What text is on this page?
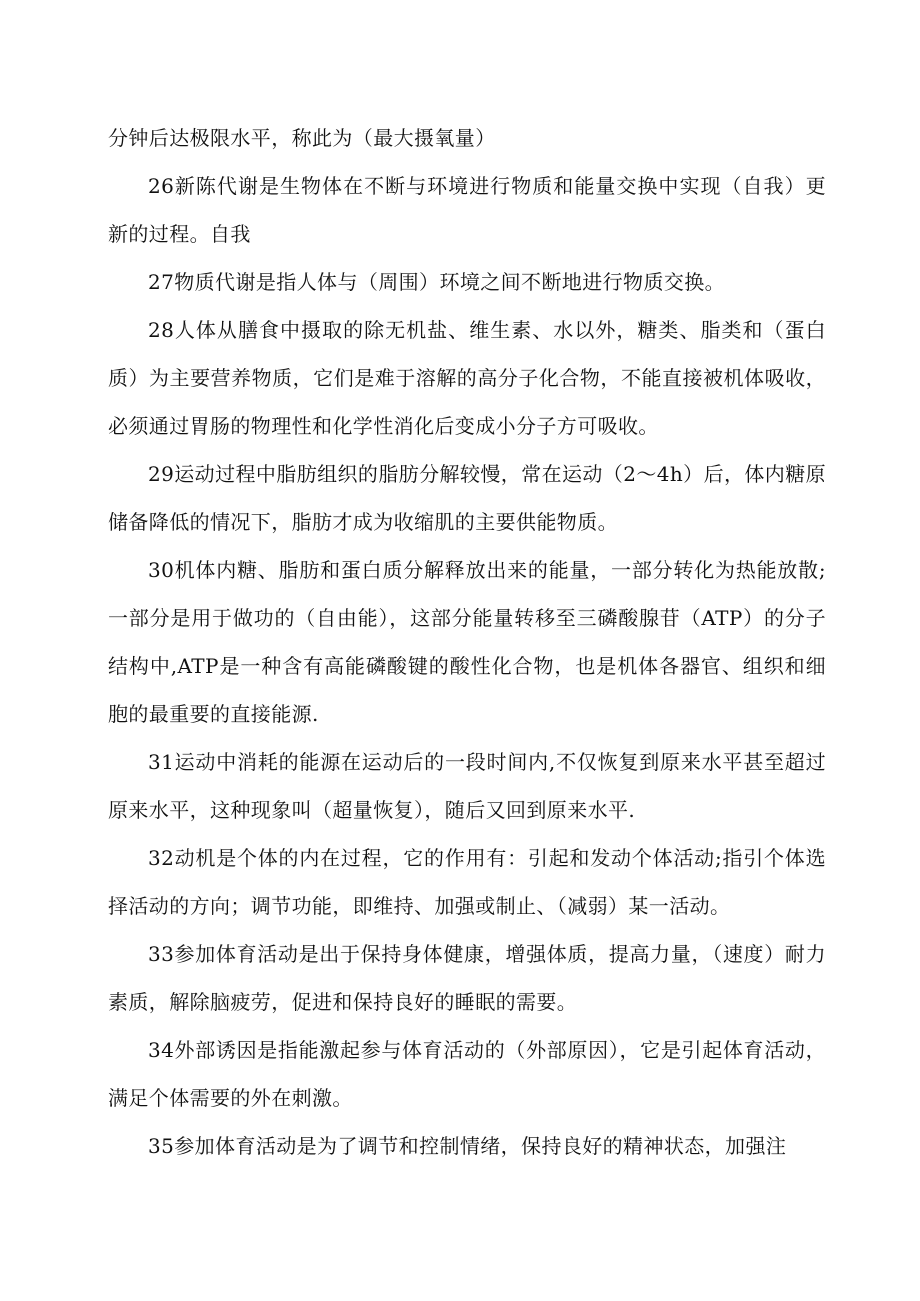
分钟后达极限水平，称此为（最大摄氧量）

26新陈代谢是生物体在不断与环境进行物质和能量交换中实现（自我）更新的过程。自我

27物质代谢是指人体与（周围）环境之间不断地进行物质交换。

28人体从膳食中摄取的除无机盐、维生素、水以外，糖类、脂类和（蛋白质）为主要营养物质，它们是难于溶解的高分子化合物，不能直接被机体吸收，必须通过胃肠的物理性和化学性消化后变成小分子方可吸收。

29运动过程中脂肪组织的脂肪分解较慢，常在运动（2～4h）后，体内糖原储备降低的情况下，脂肪才成为收缩肌的主要供能物质。

30机体内糖、脂肪和蛋白质分解释放出来的能量，一部分转化为热能放散;一部分是用于做功的（自由能），这部分能量转移至三磷酸腺苷（ATP）的分子结构中,ATP是一种含有高能磷酸键的酸性化合物，也是机体各器官、组织和细胞的最重要的直接能源.

31运动中消耗的能源在运动后的一段时间内,不仅恢复到原来水平甚至超过原来水平，这种现象叫（超量恢复），随后又回到原来水平.

32动机是个体的内在过程，它的作用有：引起和发动个体活动;指引个体选择活动的方向；调节功能，即维持、加强或制止、（减弱）某一活动。

33参加体育活动是出于保持身体健康，增强体质，提高力量，（速度）耐力素质，解除脑疲劳，促进和保持良好的睡眠的需要。

34外部诱因是指能激起参与体育活动的（外部原因），它是引起体育活动，满足个体需要的外在刺激。

35参加体育活动是为了调节和控制情绪，保持良好的精神状态，加强注
